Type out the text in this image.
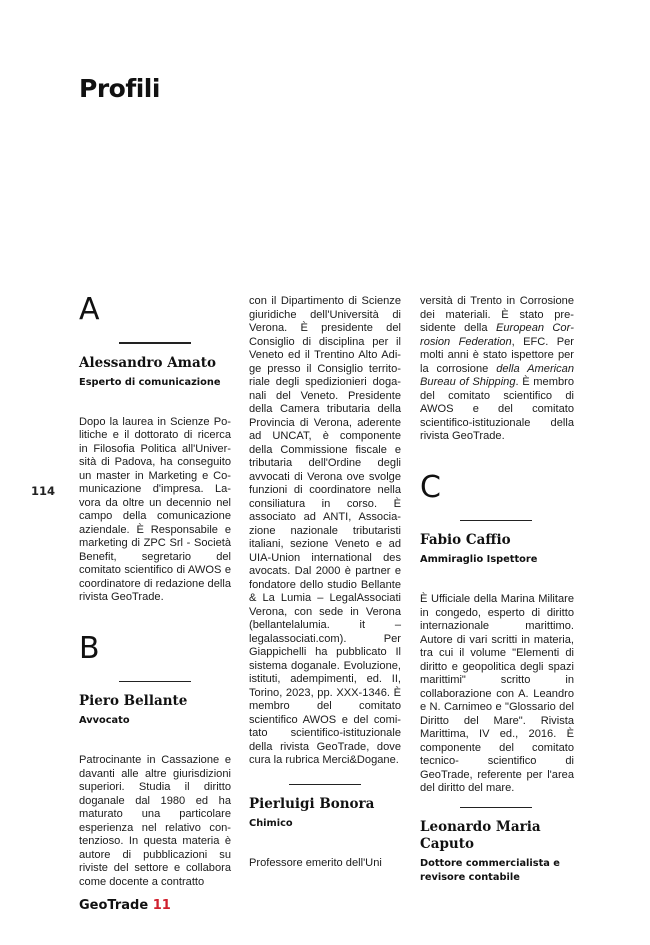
Profili
114
A
Alessandro Amato
Esperto di comunicazione
Dopo la laurea in Scienze Politiche e il dottorato di ricerca in Filosofia Politica all'Università di Padova, ha conseguito un master in Marketing e Comunicazione d'impresa. Lavora da oltre un decennio nel campo della comunicazione aziendale. È Responsabile e marketing di ZPC Srl - Società Benefit, segretario del comitato scientifico di AWOS e coordinatore di redazione della rivista GeoTrade.
B
Piero Bellante
Avvocato
Patrocinante in Cassazione e davanti alle altre giurisdizioni superiori. Studia il diritto doganale dal 1980 ed ha maturato una particolare esperienza nel relativo contenzioso. In questa materia è autore di pubblicazioni su riviste del settore e collabora come docente a contratto
con il Dipartimento di Scienze giuridiche dell'Università di Verona. È presidente del Consiglio di disciplina per il Veneto ed il Trentino Alto Adige presso il Consiglio territoriale degli spedizionieri doganali del Veneto. Presidente della Camera tributaria della Provincia di Verona, aderente ad UNCAT, è componente della Commissione fiscale e tributaria dell'Ordine degli avvocati di Verona ove svolge funzioni di coordinatore nella consiliatura in corso. È associato ad ANTI, Associazione nazionale tributaristi italiani, sezione Veneto e ad UIA-Union international des avocats. Dal 2000 è partner e fondatore dello studio Bellante & La Lumia – LegalAssociati Verona, con sede in Verona (bellantelalumia. it – legalassociati.com). Per Giappichelli ha pubblicato Il sistema doganale. Evoluzione, istituti, adempimenti, ed. II, Torino, 2023, pp. XXX-1346. È membro del comitato scientifico AWOS e del comitato scientifico-istituzionale della rivista GeoTrade, dove cura la rubrica Merci&Dogane.
Pierluigi Bonora
Chimico
Professore emerito dell'Uni
versità di Trento in Corrosione dei materiali. È stato presidente della European Corrosion Federation, EFC. Per molti anni è stato ispettore per la corrosione della American Bureau of Shipping. È membro del comitato scientifico di AWOS e del comitato scientifico-istituzionale della rivista GeoTrade.
C
Fabio Caffio
Ammiraglio Ispettore
È Ufficiale della Marina Militare in congedo, esperto di diritto internazionale marittimo. Autore di vari scritti in materia, tra cui il volume "Elementi di diritto e geopolitica degli spazi marittimi" scritto in collaborazione con A. Leandro e N. Carnimeo e "Glossario del Diritto del Mare". Rivista Marittima, IV ed., 2016. È componente del comitato tecnico- scientifico di GeoTrade, referente per l'area del diritto del mare.
Leonardo Maria Caputo
Dottore commercialista e revisore contabile
GeoTrade 11
